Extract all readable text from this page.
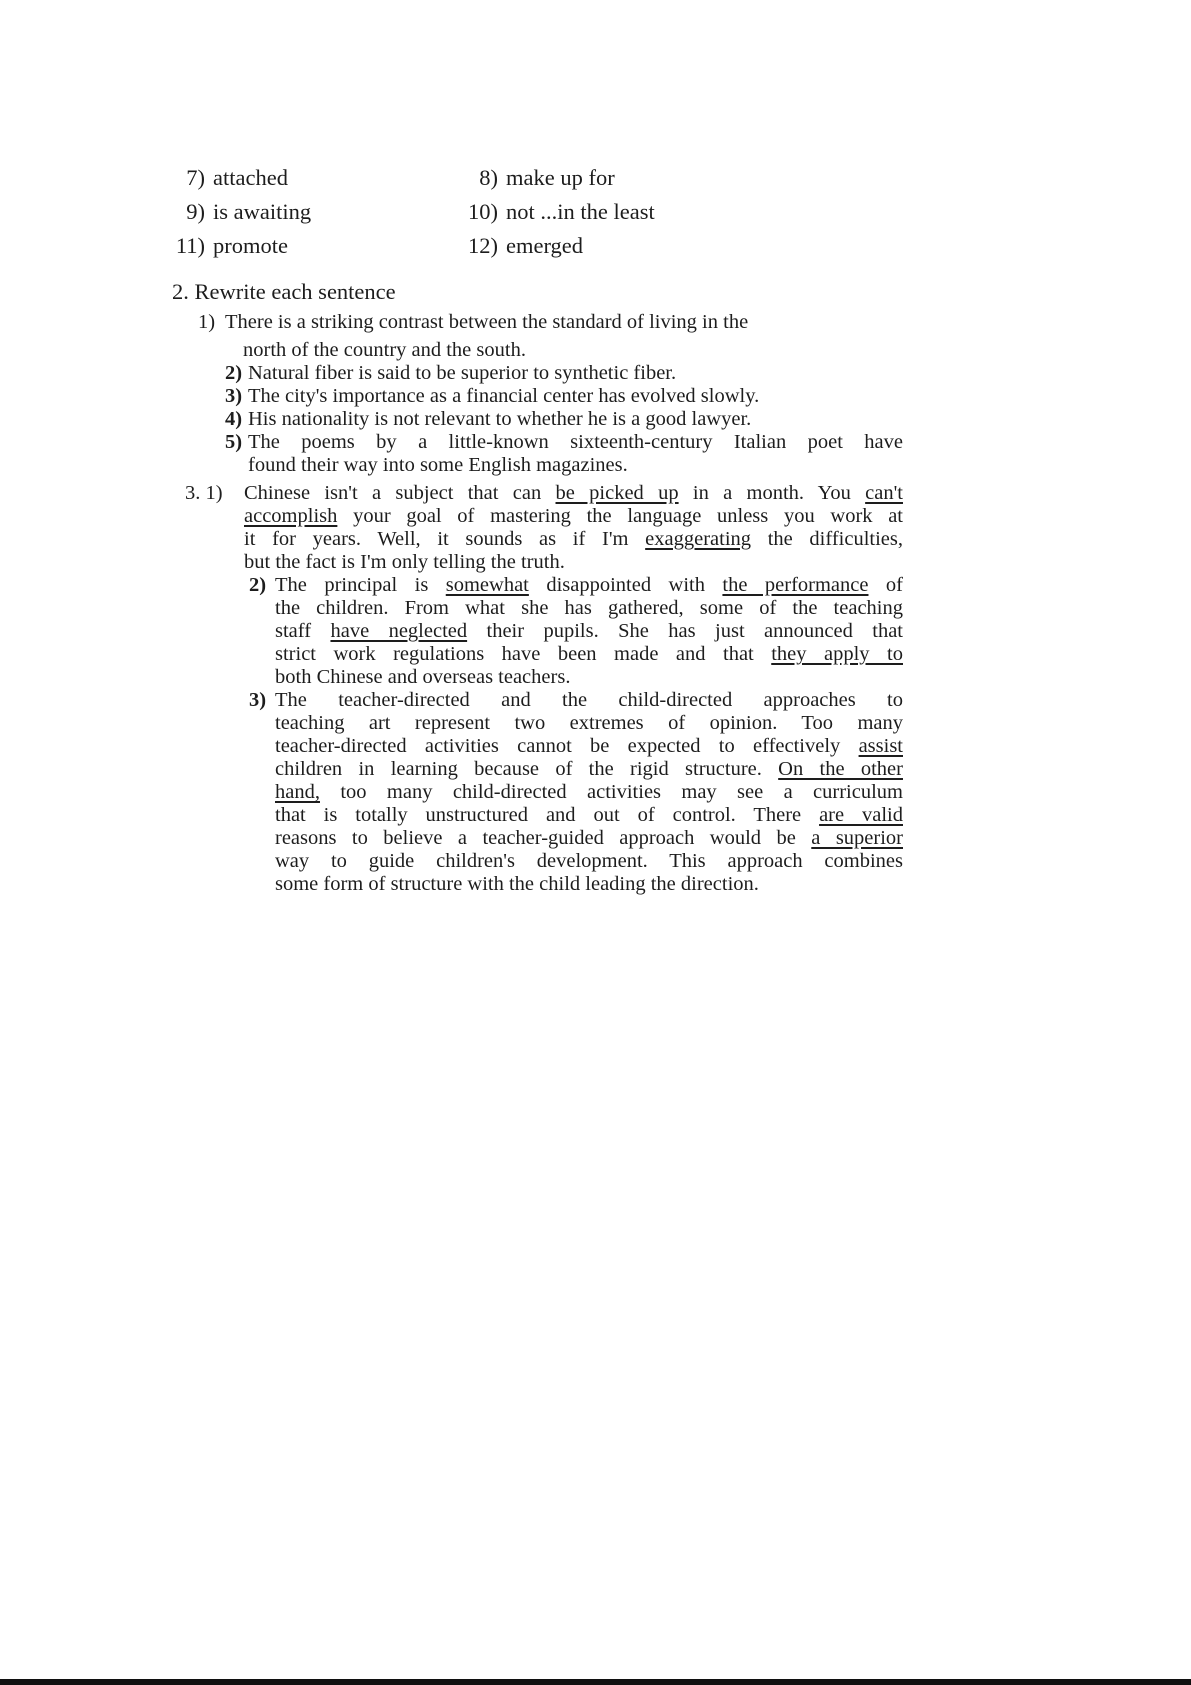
7) attached	8) make up for
9) is awaiting	10) not ...in the least
11) promote	12) emerged
2. Rewrite each sentence
1) There is a striking contrast between the standard of living in the
north of the country and the south.
2) Natural fiber is said to be superior to synthetic fiber.
3) The city's importance as a financial center has evolved slowly.
4) His nationality is not relevant to whether he is a good lawyer.
5) The poems by a little-known sixteenth-century Italian poet have
found their way into some English magazines.
3. 1)	Chinese isn't a subject that can be picked up in a month. You can't
accomplish your goal of mastering the language unless you work at
it for years. Well, it sounds as if I'm exaggerating the difficulties,
but the fact is I'm only telling the truth.
2) The principal is somewhat disappointed with the performance of
the children. From what she has gathered, some of the teaching
staff have neglected their pupils. She has just announced that
strict work regulations have been made and that they apply to
both Chinese and overseas teachers.
3) The teacher-directed and the child-directed approaches to
teaching art represent two extremes of opinion. Too many
teacher-directed activities cannot be expected to effectively assist
children in learning because of the rigid structure. On the other
hand, too many child-directed activities may see a curriculum
that is totally unstructured and out of control. There are valid
reasons to believe a teacher-guided approach would be a superior
way to guide children's development. This approach combines
some form of structure with the child leading the direction.
